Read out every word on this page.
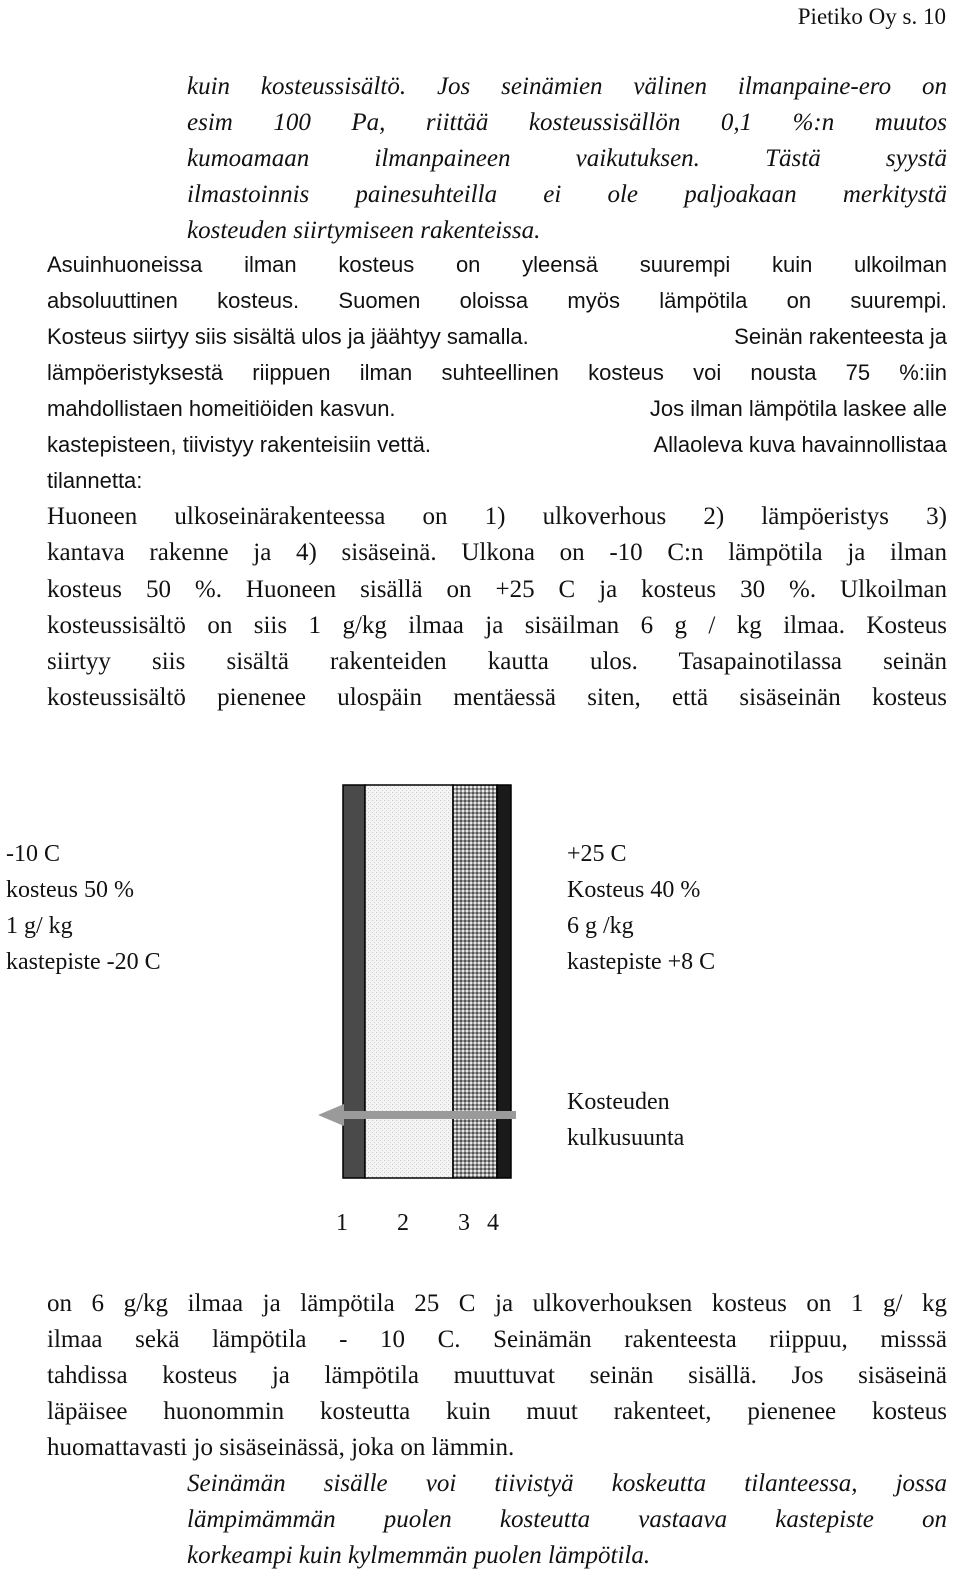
Pietiko Oy s. 10
kuin kosteussisältö. Jos seinämien välinen ilmanpaine-ero on
esim 100 Pa, riittää kosteussisällön 0,1 %:n muutos
kumoamaan ilmanpaineen vaikutuksen. Tästä syystä
ilmastoinnis painesuhteilla ei ole paljoakaan merkitystä
kosteuden siirtymiseen rakenteissa.
Asuinhuoneissa ilman kosteus on yleensä suurempi kuin ulkoilman
absoluuttinen kosteus. Suomen oloissa myös lämpötila on suurempi.
Kosteus siirtyy siis sisältä ulos ja jäähtyy samalla.	Seinän rakenteesta ja
lämpöeristyksestä riippuen ilman suhteellinen kosteus voi nousta 75 %:iin
mahdollistaen homeitiöiden kasvun.	Jos ilman lämpötila laskee alle
kastepisteen, tiivistyy rakenteisiin vettä.	Allaoleva kuva havainnollistaa
tilannetta:
Huoneen ulkoseinärakenteessa on 1) ulkoverhous 2) lämpöeristys 3)
kantava rakenne ja 4) sisäseinä. Ulkona on -10 C:n lämpötila ja ilman
kosteus 50 %. Huoneen sisällä on +25 C ja kosteus 30 %. Ulkoilman
kosteussisältö on siis 1 g/kg ilmaa ja sisäilman 6 g / kg ilmaa. Kosteus
siirtyy siis sisältä rakenteiden kautta ulos. Tasapainotilassa seinän
kosteussisältö pienenee ulospäin mentäessä siten, että sisäseinän kosteus
-10 C
kosteus 50 %
1 g/ kg
kastepiste -20 C
+25 C
Kosteus 40 %
6 g /kg
kastepiste +8 C
Kosteuden
kulkusuunta
1 2 3 4
on 6 g/kg ilmaa ja lämpötila 25 C ja ulkoverhouksen kosteus on 1 g/ kg
ilmaa sekä lämpötila - 10 C. Seinämän rakenteesta riippuu, misssä
tahdissa kosteus ja lämpötila muuttuvat seinän sisällä. Jos sisäseinä
läpäisee huonommin kosteutta kuin muut rakenteet, pienenee kosteus
huomattavasti jo sisäseinässä, joka on lämmin.
Seinämän sisälle voi tiivistyä koskeutta tilanteessa, jossa
lämpimämmän puolen kosteutta vastaava kastepiste on
korkeampi kuin kylmemmän puolen lämpötila.
